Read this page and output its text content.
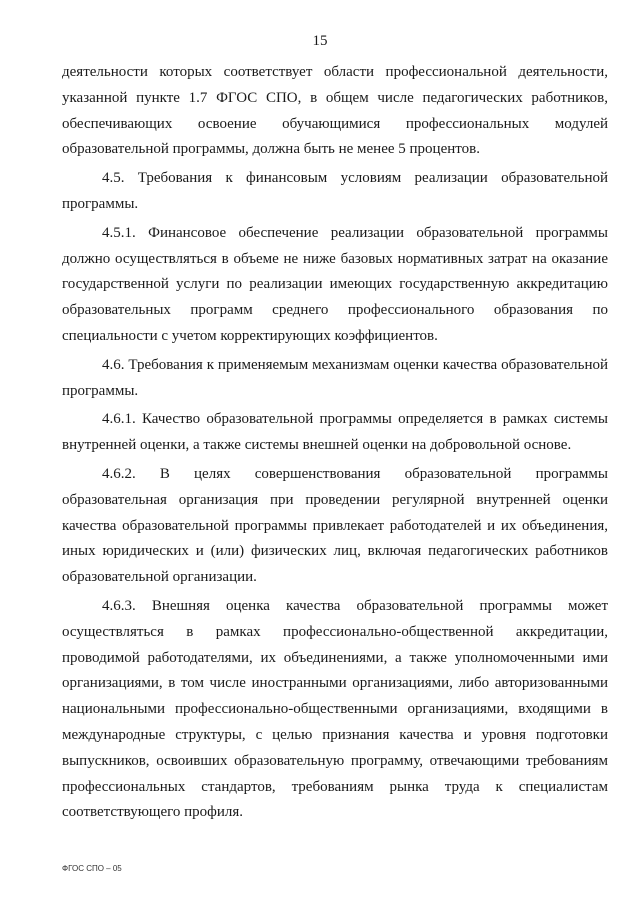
15

деятельности которых соответствует области профессиональной деятельности, указанной пункте 1.7 ФГОС СПО, в общем числе педагогических работников, обеспечивающих освоение обучающимися профессиональных модулей образовательной программы, должна быть не менее 5 процентов.

4.5. Требования к финансовым условиям реализации образовательной программы.

4.5.1. Финансовое обеспечение реализации образовательной программы должно осуществляться в объеме не ниже базовых нормативных затрат на оказание государственной услуги по реализации имеющих государственную аккредитацию образовательных программ среднего профессионального образования по специальности с учетом корректирующих коэффициентов.

4.6. Требования к применяемым механизмам оценки качества образовательной программы.

4.6.1. Качество образовательной программы определяется в рамках системы внутренней оценки, а также системы внешней оценки на добровольной основе.

4.6.2. В целях совершенствования образовательной программы образовательная организация при проведении регулярной внутренней оценки качества образовательной программы привлекает работодателей и их объединения, иных юридических и (или) физических лиц, включая педагогических работников образовательной организации.

4.6.3. Внешняя оценка качества образовательной программы может осуществляться в рамках профессионально-общественной аккредитации, проводимой работодателями, их объединениями, а также уполномоченными ими организациями, в том числе иностранными организациями, либо авторизованными национальными профессионально-общественными организациями, входящими в международные структуры, с целью признания качества и уровня подготовки выпускников, освоивших образовательную программу, отвечающими требованиям профессиональных стандартов, требованиям рынка труда к специалистам соответствующего профиля.

ФГОС СПО – 05
